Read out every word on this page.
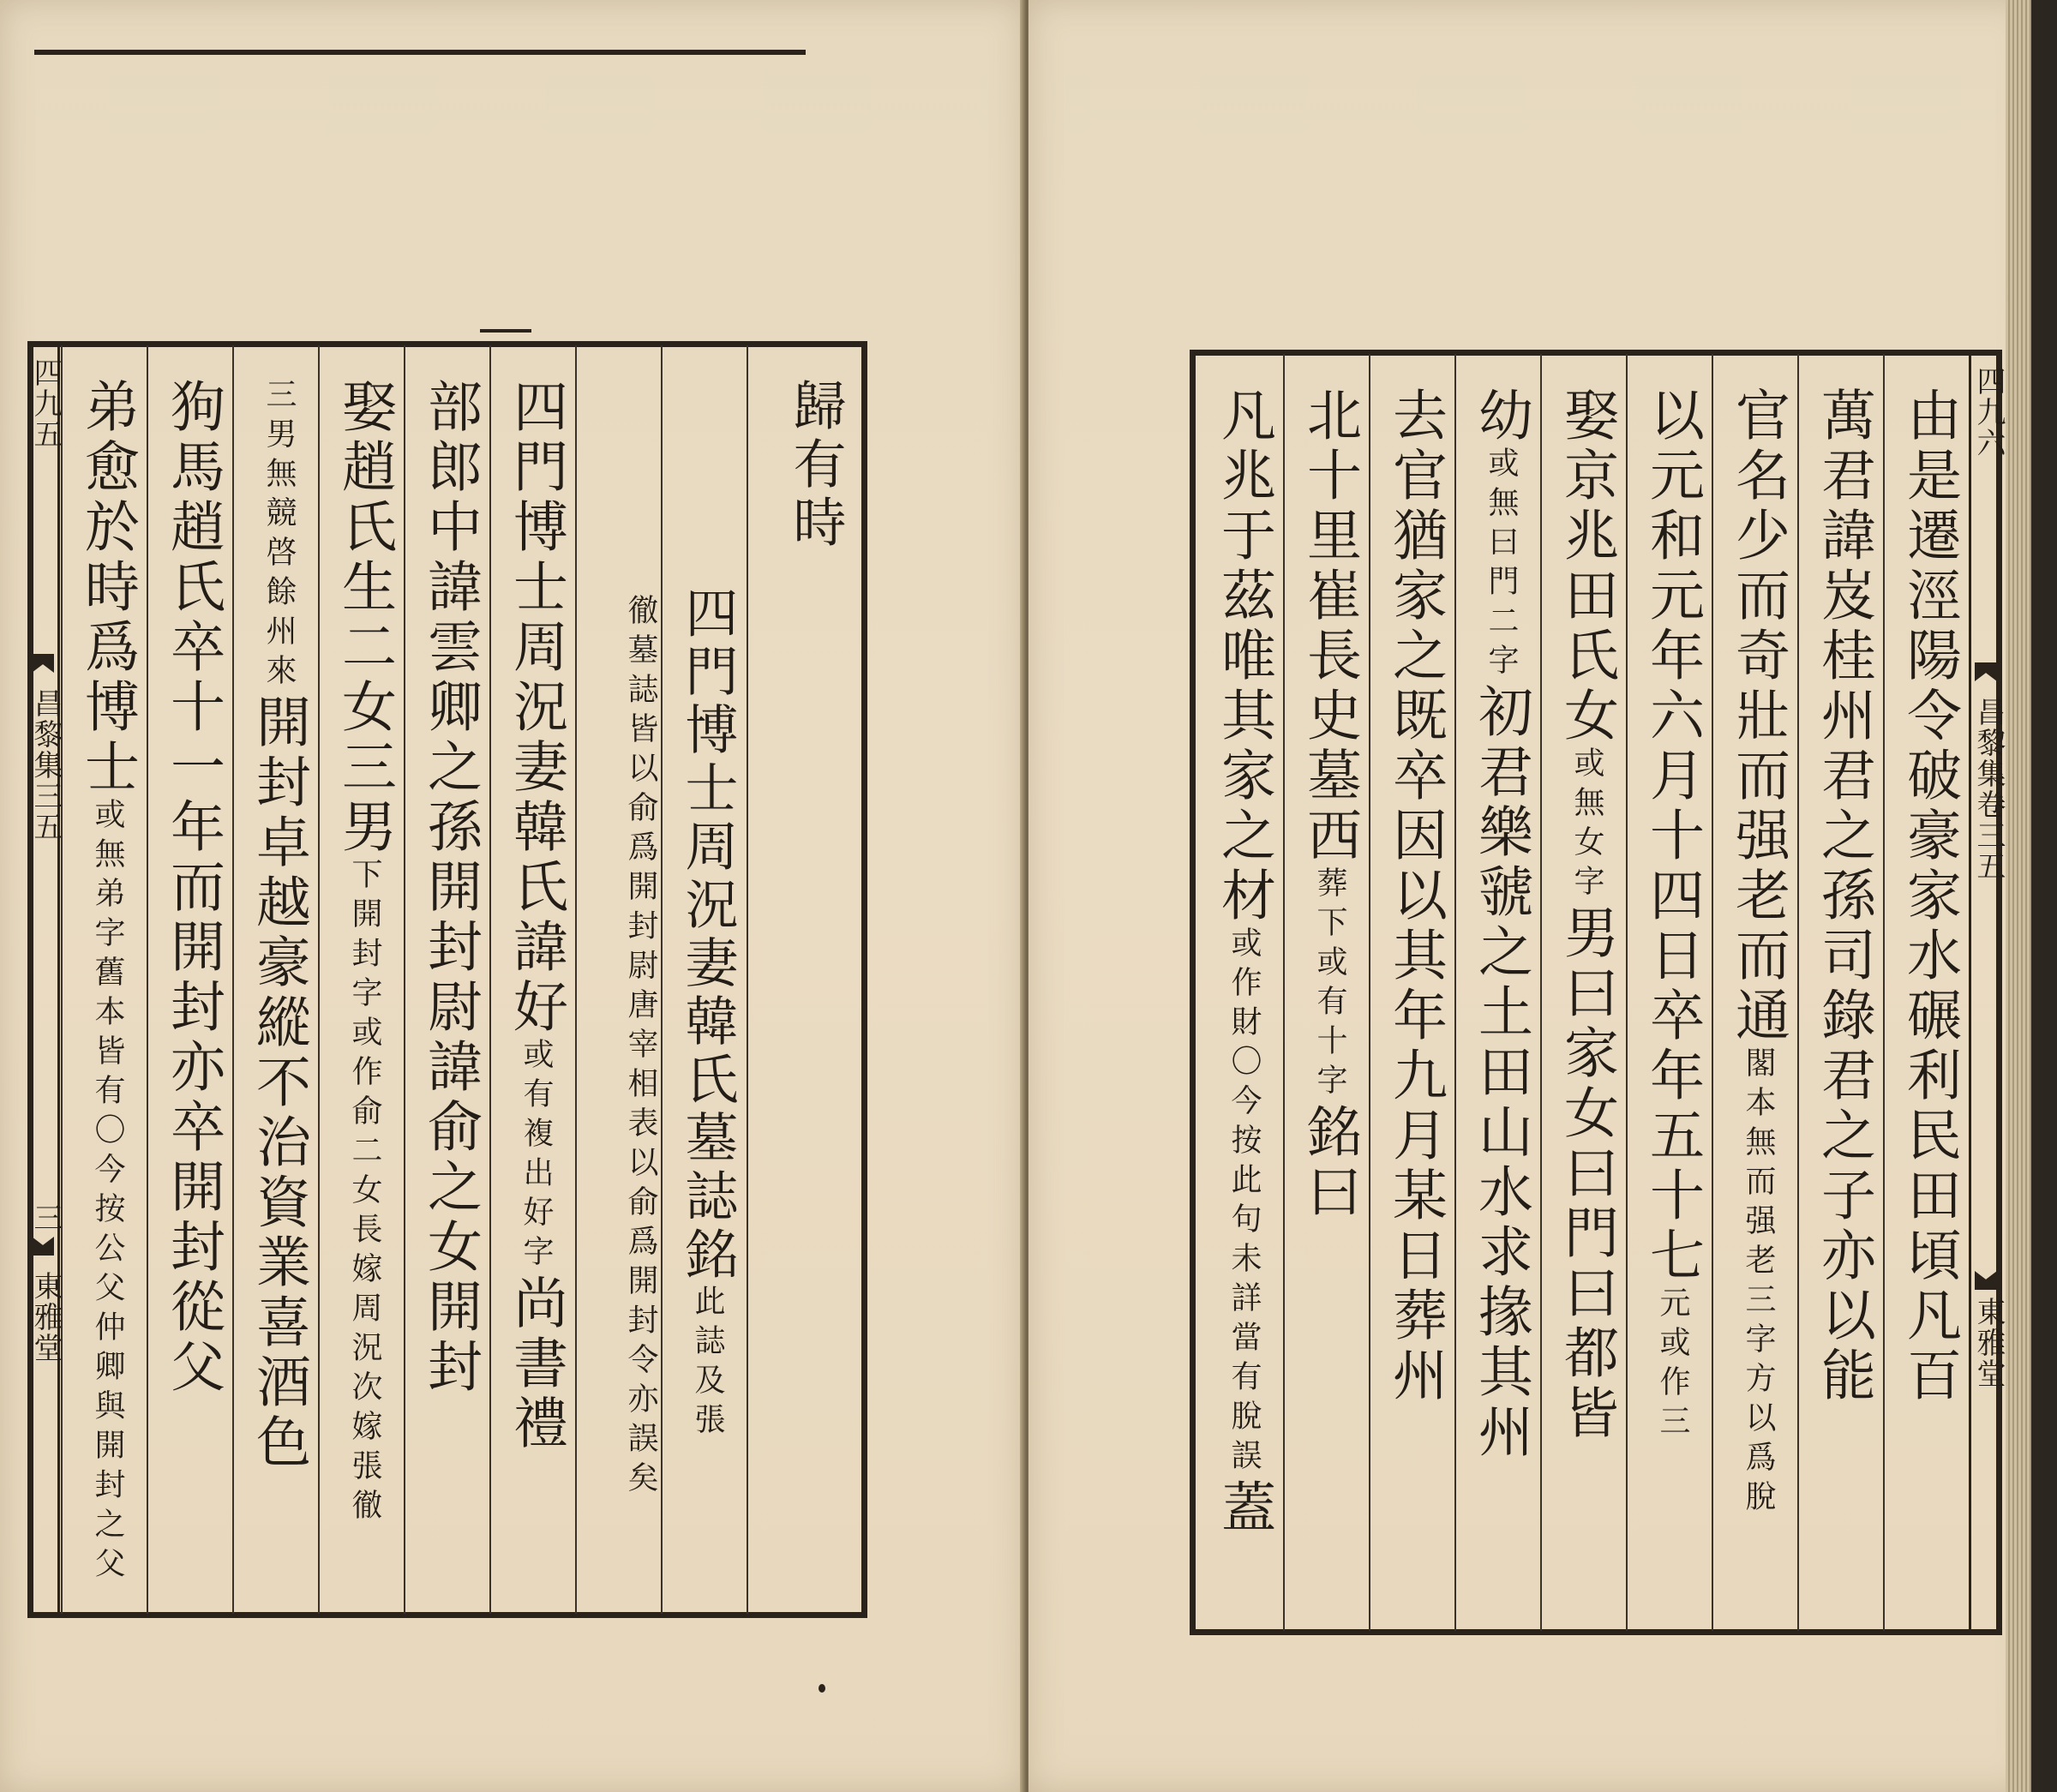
四九五
昌黎集三五
三
東雅堂
弟愈於時爲博士或無弟字舊本皆有〇今按公父仲卿與開封之父 狗馬趙氏卒十一年而開封亦卒開封從父	三男無競啓餘州來開封卓越豪縱不治資業喜酒色
娶趙氏生二女三男下開封字或作俞二女長嫁周況次嫁張徹 部郎中諱雲卿之孫開封尉諱俞之女開封 四門博士周況妻韓氏諱好或有複出好字尚書禮
徹墓誌皆以俞爲開封尉唐宰相表以俞爲開封令亦誤矣 四門博士周況妻韓氏墓誌銘此誌及張
歸有時	凡兆于茲唯其家之材或作財〇今按此句未詳當有脫誤蓋
北十里崔長史墓西葬下或有十字銘曰 去官猶家之既卒因以其年九月某日葬州 幼或無曰門二字初君樂虢之土田山水求掾其州
娶京兆田氏女或無女字男曰家女曰門曰都皆 以元和元年六月十四日卒年五十七元或作三
官名少而奇壯而强老而通閣本無而强老三字方以爲脫 萬君諱岌桂州君之孫司錄君之子亦以能 由是遷涇陽令破豪家水碾利民田頃凡百 四九六
昌黎集卷三五
東雅堂
